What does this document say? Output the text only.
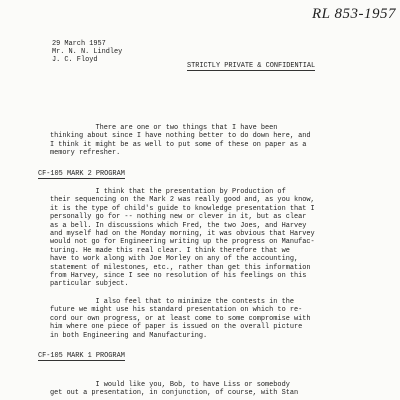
RL 853-1957
29 March 1957
Mr. N. N. Lindley
J. C. Floyd
STRICTLY PRIVATE & CONFIDENTIAL
There are one or two things that I have been
thinking about since I have nothing better to do down here, and
I think it might be as well to put some of these on paper as a
memory refresher.
CF-105 MARK 2 PROGRAM
I think that the presentation by Production of
their sequencing on the Mark 2 was really good and, as you know,
it is the type of child's guide to knowledge presentation that I
personally go for -- nothing new or clever in it, but as clear
as a bell. In discussions which Fred, the two Joes, and Harvey
and myself had on the Monday morning, it was obvious that Harvey
would not go for Engineering writing up the progress on Manufac-
turing. He made this real clear. I think therefore that we
have to work along with Joe Morley on any of the accounting,
statement of milestones, etc., rather than get this information
from Harvey, since I see no resolution of his feelings on this
particular subject.
I also feel that to minimize the contests in the
future we might use his standard presentation on which to re-
cord our own progress, or at least come to some compromise with
him where one piece of paper is issued on the overall picture
in both Engineering and Manufacturing.
CF-105 MARK 1 PROGRAM
I would like you, Bob, to have Liss or somebody
get out a presentation, in conjunction, of course, with Stan
